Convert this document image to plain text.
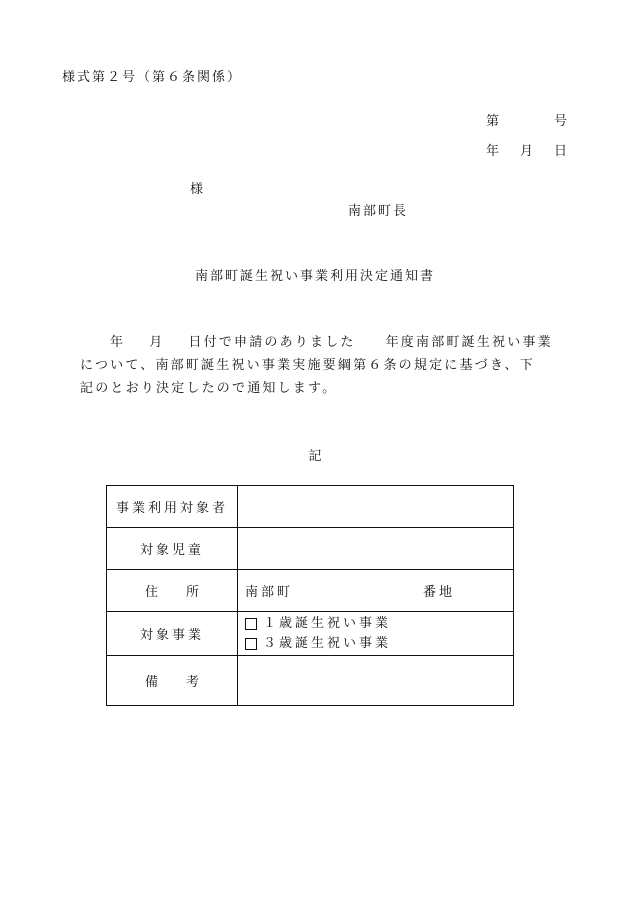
様式第２号（第６条関係）
第	号
年 月 日
様
南部町長
南部町誕生祝い事業利用決定通知書

年 月 日付で申請のありました 年度南部町誕生祝い事業

について、南部町誕生祝い事業実施要綱第６条の規定に基づき、下

記のとおり決定したので通知します。

記
事業利用対象者	
対象児童	
住所	南部町 番地
対象事業	１歳誕生祝い事業
３歳誕生祝い事業

備考	
